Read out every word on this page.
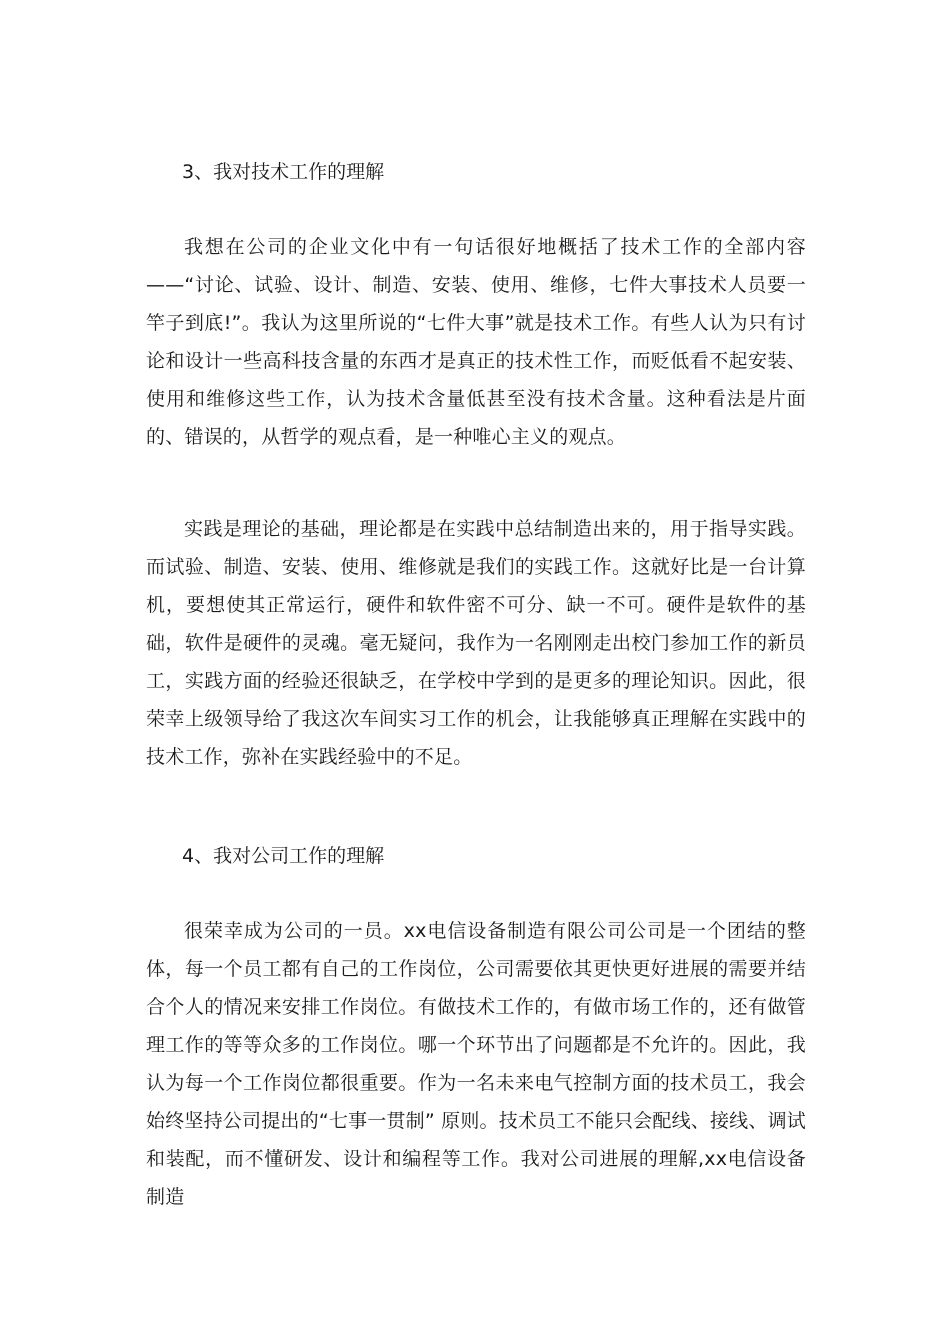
3、我对技术工作的理解
我想在公司的企业文化中有一句话很好地概括了技术工作的全部内容——“讨论、试验、设计、制造、安装、使用、维修，七件大事技术人员要一竿子到底!”。我认为这里所说的“七件大事”就是技术工作。有些人认为只有讨论和设计一些高科技含量的东西才是真正的技术性工作，而贬低看不起安装、使用和维修这些工作，认为技术含量低甚至没有技术含量。这种看法是片面的、错误的，从哲学的观点看，是一种唯心主义的观点。
实践是理论的基础，理论都是在实践中总结制造出来的，用于指导实践。而试验、制造、安装、使用、维修就是我们的实践工作。这就好比是一台计算机，要想使其正常运行，硬件和软件密不可分、缺一不可。硬件是软件的基础，软件是硬件的灵魂。毫无疑问，我作为一名刚刚走出校门参加工作的新员工，实践方面的经验还很缺乏，在学校中学到的是更多的理论知识。因此，很荣幸上级领导给了我这次车间实习工作的机会，让我能够真正理解在实践中的技术工作，弥补在实践经验中的不足。
4、我对公司工作的理解
很荣幸成为公司的一员。xx电信设备制造有限公司公司是一个团结的整体，每一个员工都有自己的工作岗位，公司需要依其更快更好进展的需要并结合个人的情况来安排工作岗位。有做技术工作的，有做市场工作的，还有做管理工作的等等众多的工作岗位。哪一个环节出了问题都是不允许的。因此，我认为每一个工作岗位都很重要。作为一名未来电气控制方面的技术员工，我会始终坚持公司提出的“七事一贯制” 原则。技术员工不能只会配线、接线、调试和装配，而不懂研发、设计和编程等工作。我对公司进展的理解,xx电信设备制造
